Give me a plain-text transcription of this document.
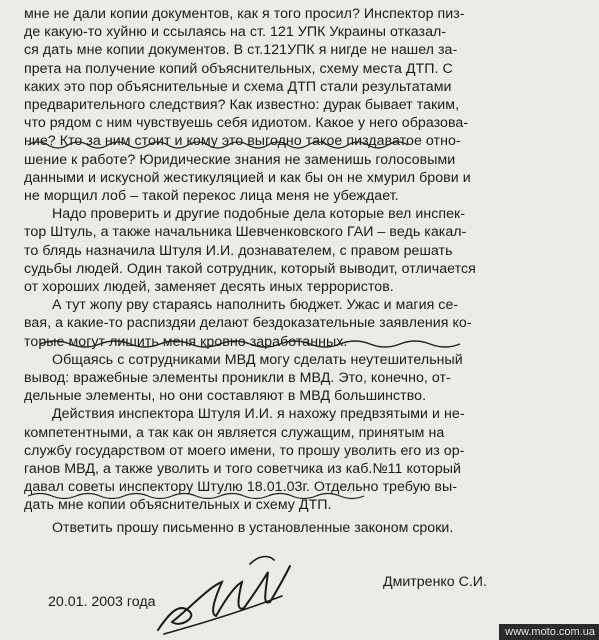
мне не дали копии документов, как я того просил? Инспектор пиз-

де какую-то хуйню и ссылаясь на ст. 121 УПК Украины отказал-

ся дать мне копии документов. В ст.121УПК я нигде не нашел за-

прета на получение копий объяснительных, схему места ДТП. С

каких это пор объяснительные и схема ДТП стали результатами

предварительного следствия? Как известно: дурак бывает таким,

что рядом с ним чувствуешь себя идиотом. Какое у него образова-

ние? Кто за ним стоит и кому это выгодно такое пиздаватое отно-

шение к работе? Юридические знания не заменишь голосовыми

данными и искусной жестикуляцией и как бы он не хмурил брови и

не морщил лоб – такой перекос лица меня не убеждает.

Надо проверить и другие подобные дела которые вел инспек-

тор Штуль, а также начальника Шевченковского ГАИ – ведь какал-

то блядь назначила Штуля И.И. дознавателем, с правом решать

судьбы людей. Один такой сотрудник, который выводит, отличается

от хороших людей, заменяет десять иных террористов.

А тут жопу рву стараясь наполнить бюджет. Ужас и магия се-

вая, а какие-то распиздяи делают бездоказательные заявления ко-

торые могут лишить меня кровно заработанных.

Общаясь с сотрудниками МВД могу сделать неутешительный

вывод: вражебные элементы проникли в МВД. Это, конечно, от-

дельные элементы, но они составляют в МВД большинство.

Действия инспектора Штуля И.И. я нахожу предвзятыми и не-

компетентными, а так как он является служащим, принятым на

службу государством от моего имени, то прошу уволить его из ор-

ганов МВД, а также уволить и того советчика из каб.№11 который

давал советы инспектору Штулю 18.01.03г. Отдельно требую вы-

дать мне копии объяснительных и схему ДТП.

Ответить прошу письменно в установленные законом сроки.

Дмитренко С.И.

20.01. 2003 года

www.moto.com.ua
